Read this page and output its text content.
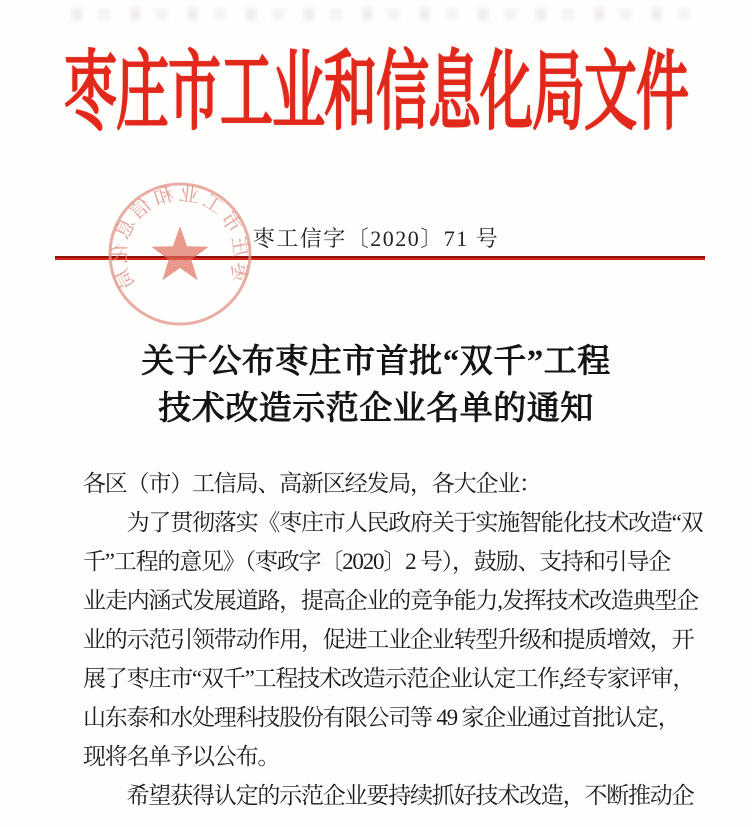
枣庄市工业和信息化局文件
枣工信字〔2020〕71 号
枣庄市工业和信息化局
关于公布枣庄市首批“双千”工程
技术改造示范企业名单的通知
各区（市）工信局、高新区经发局，各大企业：
　　为了贯彻落实《枣庄市人民政府关于实施智能化技术改造“双
千”工程的意见》（枣政字〔2020〕2 号），鼓励、支持和引导企
业走内涵式发展道路，提高企业的竞争能力,发挥技术改造典型企
业的示范引领带动作用，促进工业企业转型升级和提质增效，开
展了枣庄市“双千”工程技术改造示范企业认定工作,经专家评审，
山东泰和水处理科技股份有限公司等 49 家企业通过首批认定，
现将名单予以公布。
　　希望获得认定的示范企业要持续抓好技术改造，不断推动企
